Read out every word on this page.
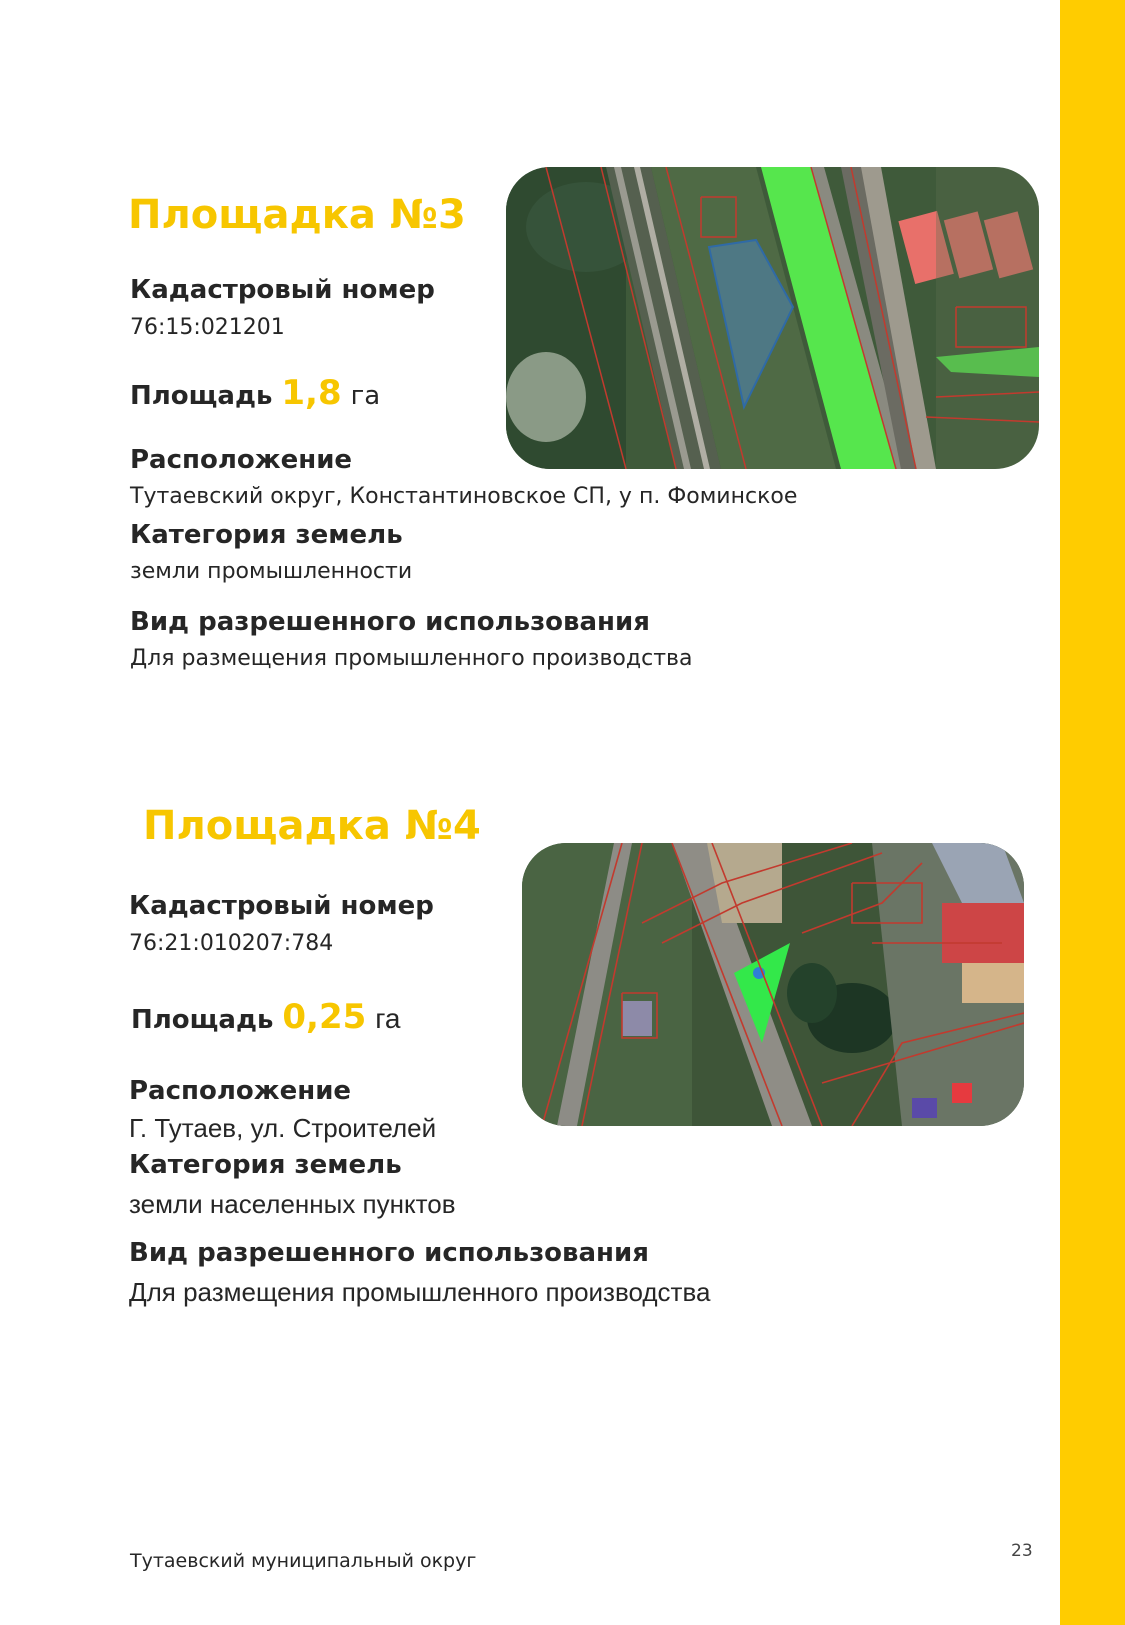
Площадка №3
Кадастровый номер
76:15:021201
Площадь 1,8 га
Расположение
Тутаевский округ, Константиновское СП, у п. Фоминское
Категория земель
земли промышленности
Вид разрешенного использования
Для размещения промышленного производства
Площадка №4
Кадастровый номер
76:21:010207:784
Площадь 0,25 га
Расположение
Г. Тутаев, ул. Строителей
Категория земель
земли населенных пунктов
Вид разрешенного использования
Для размещения промышленного производства
Тутаевский муниципальный округ	23
